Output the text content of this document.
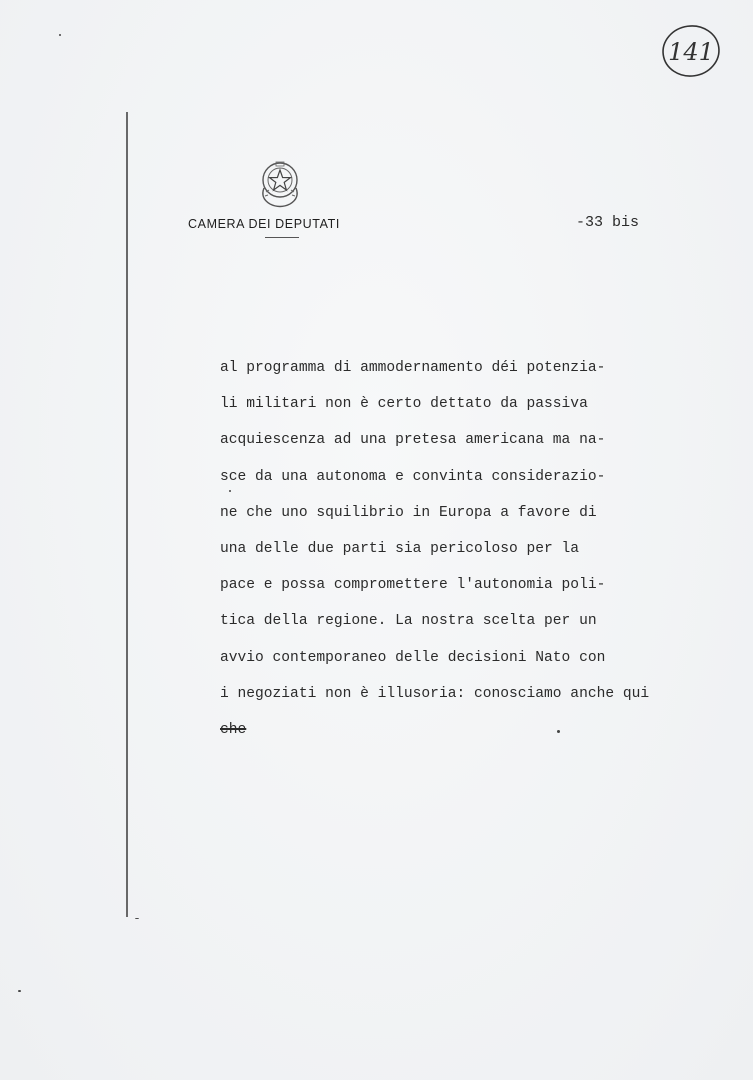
141
CAMERA DEI DEPUTATI	-33 bis
al programma di ammodernamento déi potenzia-
li militari non è certo dettato da passiva
acquiescenza ad una pretesa americana ma na-
sce da una autonoma e convinta considerazio-
ne che uno squilibrio in Europa a favore di
una delle due parti sia pericoloso per la
pace e possa compromettere l'autonomia poli-
tica della regione. La nostra scelta per un
avvio contemporaneo delle decisioni Nato con
i negoziati non è illusoria: conosciamo anche qui
che
